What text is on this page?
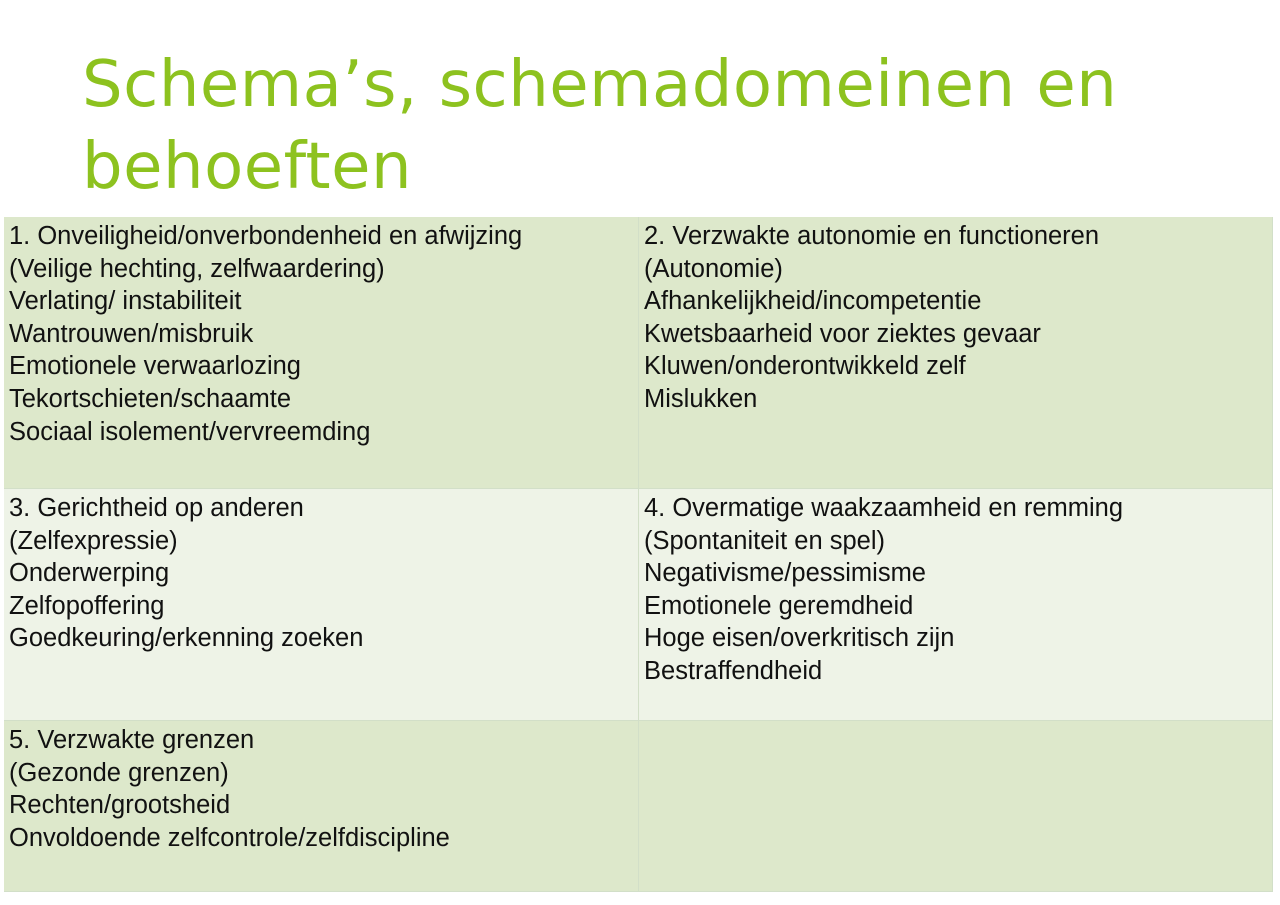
Schema’s, schemadomeinen en
behoeften
1. Onveiligheid/onverbondenheid en afwijzing
(Veilige hechting, zelfwaardering)
Verlating/ instabiliteit
Wantrouwen/misbruik
Emotionele verwaarlozing
Tekortschieten/schaamte
Sociaal isolement/vervreemding
2. Verzwakte autonomie en functioneren
(Autonomie)
Afhankelijkheid/incompetentie
Kwetsbaarheid voor ziektes gevaar
Kluwen/onderontwikkeld zelf
Mislukken
3. Gerichtheid op anderen
(Zelfexpressie)
Onderwerping
Zelfopoffering
Goedkeuring/erkenning zoeken
4. Overmatige waakzaamheid en remming
(Spontaniteit en spel)
Negativisme/pessimisme
Emotionele geremdheid
Hoge eisen/overkritisch zijn
Bestraffendheid
5. Verzwakte grenzen
(Gezonde grenzen)
Rechten/grootsheid
Onvoldoende zelfcontrole/zelfdiscipline
